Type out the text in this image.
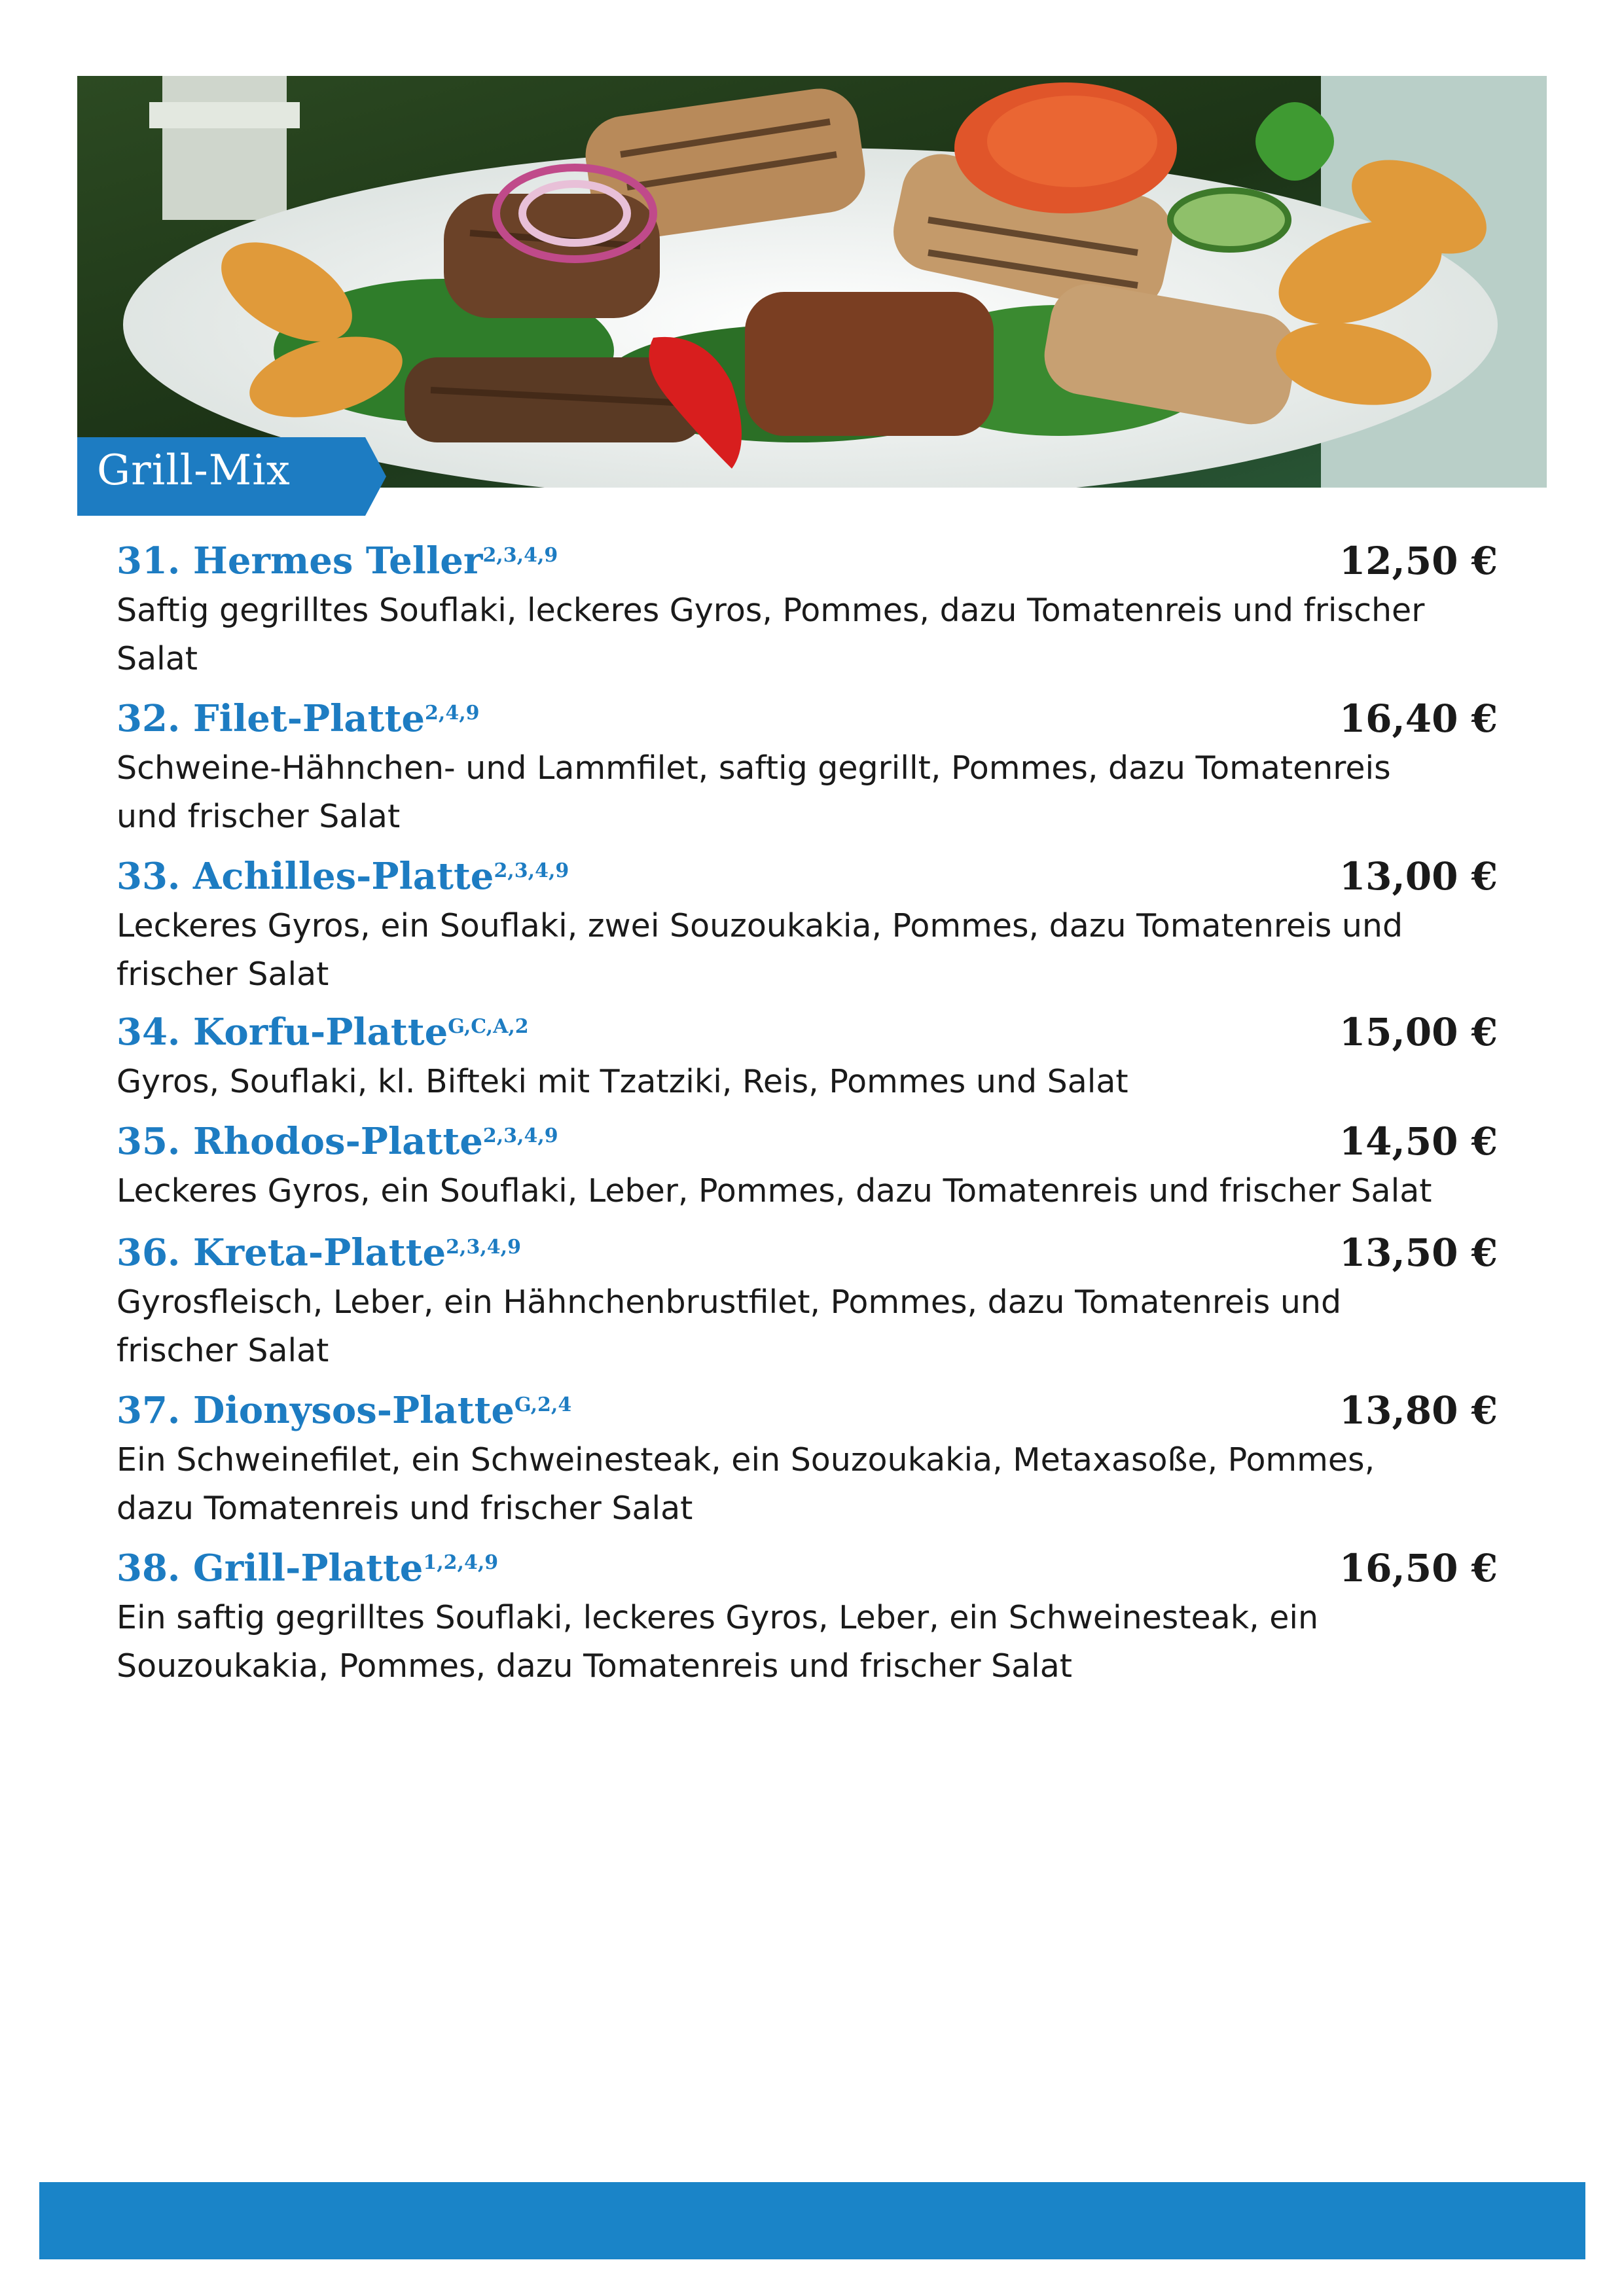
Grill-Mix
31. Hermes Teller$^{2,3,4,9}$	12,50 €
Saftig gegrilltes Souflaki, leckeres Gyros, Pommes, dazu Tomatenreis und frischer Salat
32. Filet-Platte$^{2,4,9}$	16,40 €
Schweine-Hähnchen- und Lammfilet, saftig gegrillt, Pommes, dazu Tomatenreis und frischer Salat
33. Achilles-Platte$^{2,3,4,9}$	13,00 €
Leckeres Gyros, ein Souflaki, zwei Souzoukakia, Pommes, dazu Tomatenreis und frischer Salat
34. Korfu-Platte$^{G,C,A,2}$	15,00 €
Gyros, Souflaki, kl. Bifteki mit Tzatziki, Reis, Pommes und Salat
35. Rhodos-Platte$^{2,3,4,9}$	14,50 €
Leckeres Gyros, ein Souflaki, Leber, Pommes, dazu Tomatenreis und frischer Salat
36. Kreta-Platte$^{2,3,4,9}$	13,50 €
Gyrosfleisch, Leber, ein Hähnchenbrustfilet, Pommes, dazu Tomatenreis und frischer Salat
37. Dionysos-Platte$^{G,2,4}$	13,80 €
Ein Schweinefilet, ein Schweinesteak, ein Souzoukakia, Metaxasoße, Pommes, dazu Tomatenreis und frischer Salat
38. Grill-Platte$^{1,2,4,9}$	16,50 €
Ein saftig gegrilltes Souflaki, leckeres Gyros, Leber, ein Schweinesteak, ein Souzoukakia, Pommes, dazu Tomatenreis und frischer Salat
